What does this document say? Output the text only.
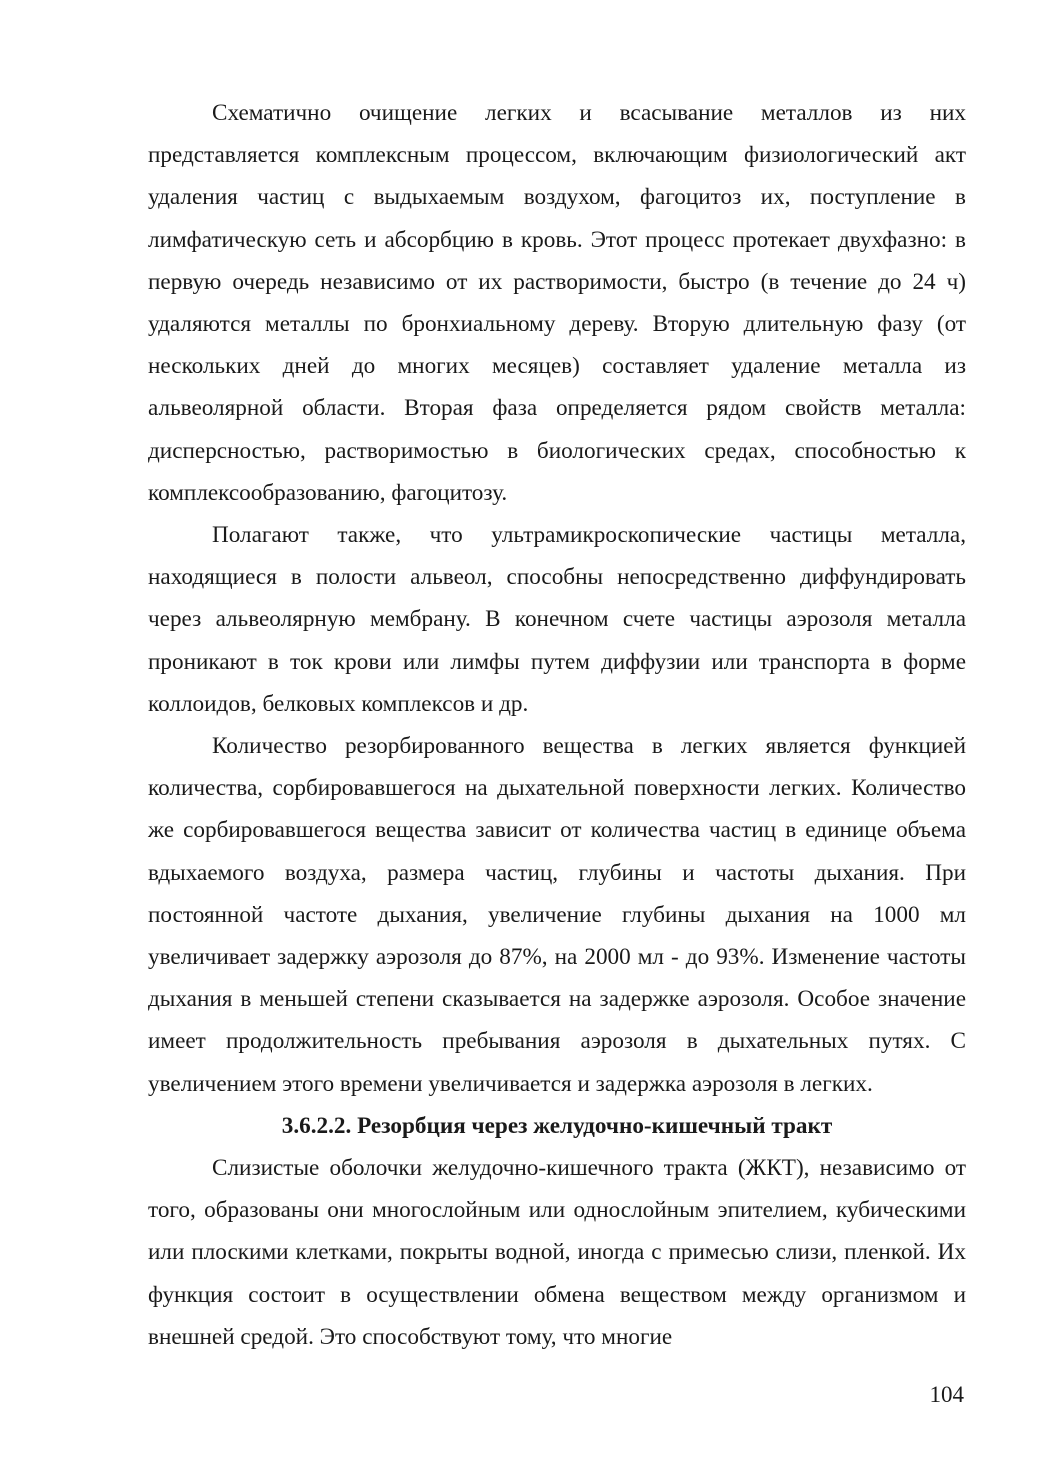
Схематично очищение легких и всасывание металлов из них представляется комплексным процессом, включающим физиологический акт удаления частиц с выдыхаемым воздухом, фагоцитоз их, поступление в лимфатическую сеть и абсорбцию в кровь. Этот процесс протекает двухфазно: в первую очередь независимо от их растворимости, быстро (в течение до 24 ч) удаляются металлы по бронхиальному дереву. Вторую длительную фазу (от нескольких дней до многих месяцев) составляет удаление металла из альвеолярной области. Вторая фаза определяется рядом свойств металла: дисперсностью, растворимостью в биологических средах, способностью к комплексообразованию, фагоцитозу.

Полагают также, что ультрамикроскопические частицы металла, находящиеся в полости альвеол, способны непосредственно диффундировать через альвеолярную мембрану. В конечном счете частицы аэрозоля металла проникают в ток крови или лимфы путем диффузии или транспорта в форме коллоидов, белковых комплексов и др.

Количество резорбированного вещества в легких является функцией количества, сорбировавшегося на дыхательной поверхности легких. Количество же сорбировавшегося вещества зависит от количества частиц в единице объема вдыхаемого воздуха, размера частиц, глубины и частоты дыхания. При постоянной частоте дыхания, увеличение глубины дыхания на 1000 мл увеличивает задержку аэрозоля до 87%, на 2000 мл - до 93%. Изменение частоты дыхания в меньшей степени сказывается на задержке аэрозоля. Особое значение имеет продолжительность пребывания аэрозоля в дыхательных путях. С увеличением этого времени увеличивается и задержка аэрозоля в легких.

3.6.2.2. Резорбция через желудочно-кишечный тракт

Слизистые оболочки желудочно-кишечного тракта (ЖКТ), независимо от того, образованы они многослойным или однослойным эпителием, кубическими или плоскими клетками, покрыты водной, иногда с примесью слизи, пленкой. Их функция состоит в осуществлении обмена веществом между организмом и внешней средой. Это способствуют тому, что многие

104
